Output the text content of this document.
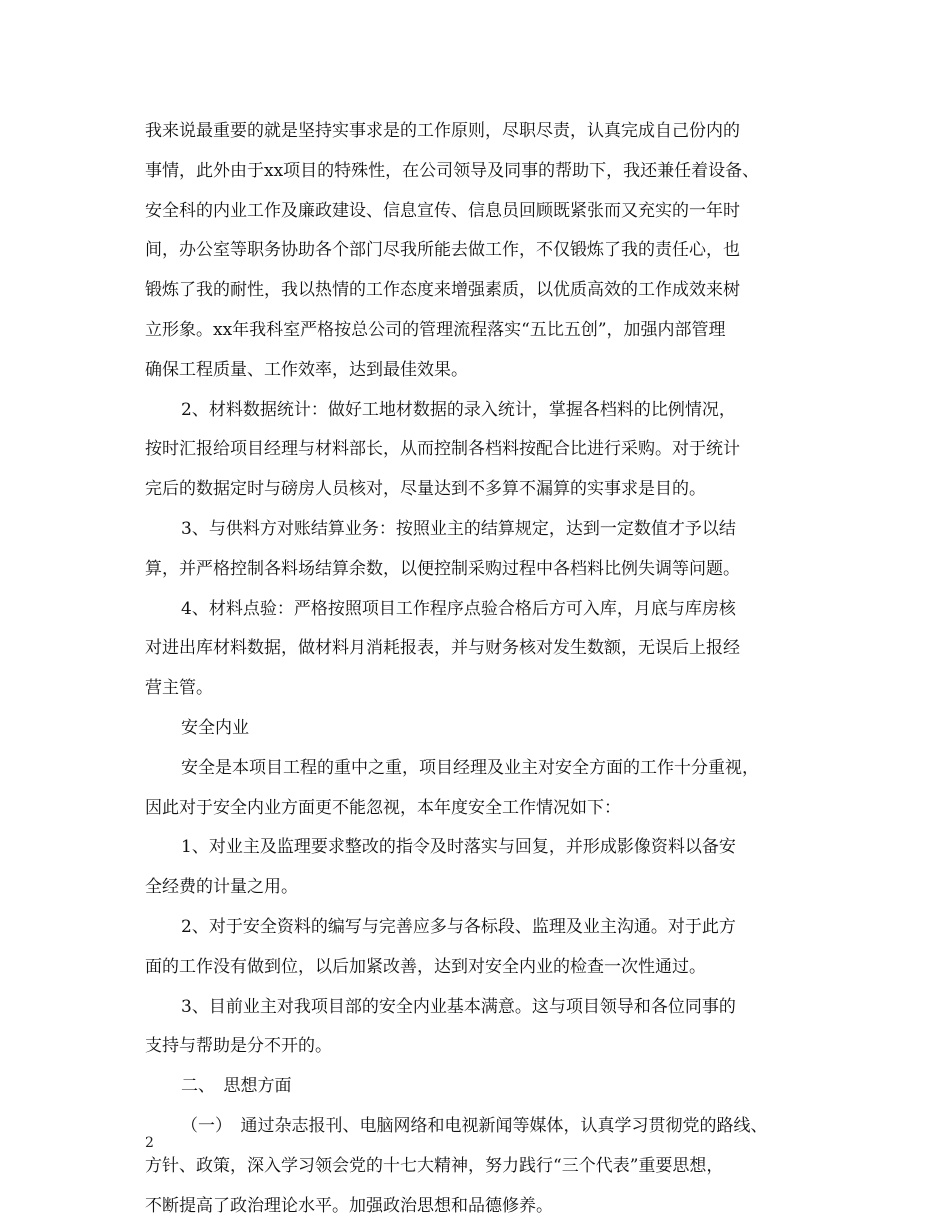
我来说最重要的就是坚持实事求是的工作原则，尽职尽责，认真完成自己份内的
事情，此外由于xx项目的特殊性，在公司领导及同事的帮助下，我还兼任着设备、
安全科的内业工作及廉政建设、信息宣传、信息员回顾既紧张而又充实的一年时
间，办公室等职务协助各个部门尽我所能去做工作，不仅锻炼了我的责任心，也
锻炼了我的耐性，我以热情的工作态度来增强素质，以优质高效的工作成效来树
立形象。xx年我科室严格按总公司的管理流程落实“五比五创”，加强内部管理
确保工程质量、工作效率，达到最佳效果。
2、材料数据统计：做好工地材数据的录入统计，掌握各档料的比例情况，
按时汇报给项目经理与材料部长，从而控制各档料按配合比进行采购。对于统计
完后的数据定时与磅房人员核对，尽量达到不多算不漏算的实事求是目的。
3、与供料方对账结算业务：按照业主的结算规定，达到一定数值才予以结
算，并严格控制各料场结算余数，以便控制采购过程中各档料比例失调等问题。
4、材料点验：严格按照项目工作程序点验合格后方可入库，月底与库房核
对进出库材料数据，做材料月消耗报表，并与财务核对发生数额，无误后上报经
营主管。
安全内业
安全是本项目工程的重中之重，项目经理及业主对安全方面的工作十分重视，
因此对于安全内业方面更不能忽视，本年度安全工作情况如下：
1、对业主及监理要求整改的指令及时落实与回复，并形成影像资料以备安
全经费的计量之用。
2、对于安全资料的编写与完善应多与各标段、监理及业主沟通。对于此方
面的工作没有做到位，以后加紧改善，达到对安全内业的检查一次性通过。
3、目前业主对我项目部的安全内业基本满意。这与项目领导和各位同事的
支持与帮助是分不开的。
二、　思想方面
（一）　通过杂志报刊、电脑网络和电视新闻等媒体，认真学习贯彻党的路线、
方针、政策，深入学习领会党的十七大精神，努力践行“三个代表”重要思想，
不断提高了政治理论水平。加强政治思想和品德修养。
2
